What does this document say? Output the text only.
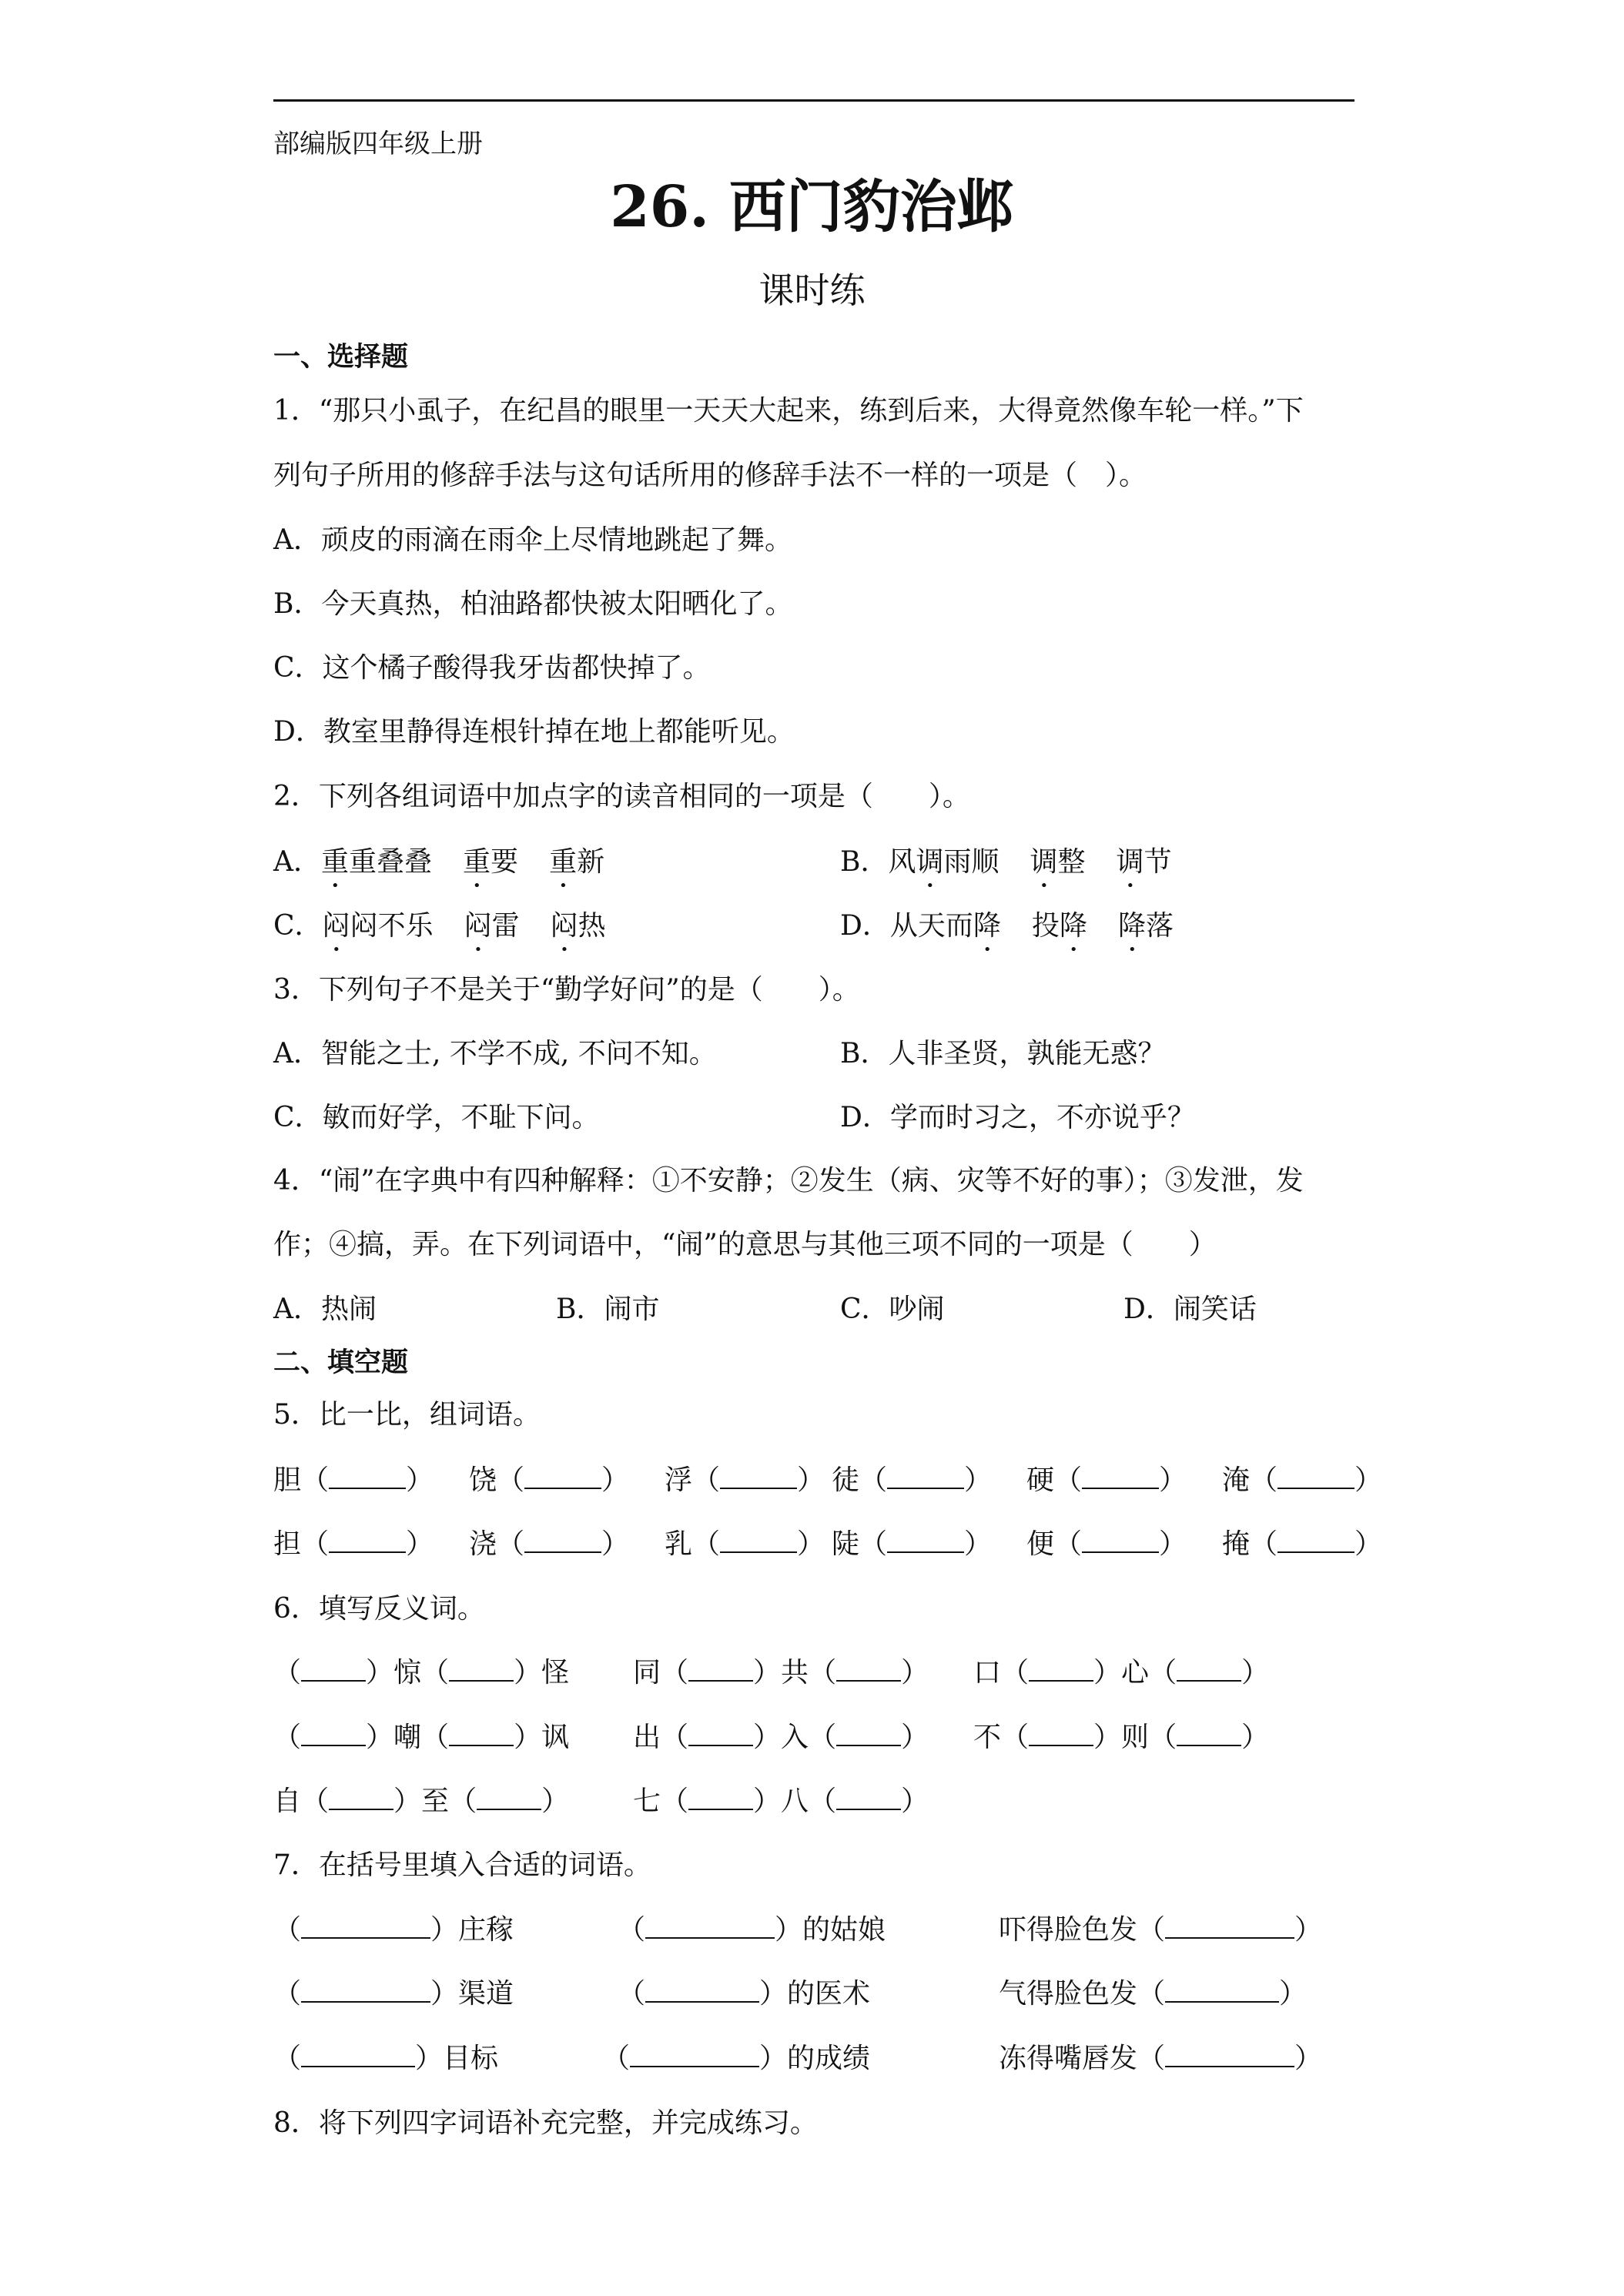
部编版四年级上册
26. 西门豹治邺
课时练
一、选择题
1．“那只小虱子，在纪昌的眼里一天天大起来，练到后来，大得竟然像车轮一样。”下
列句子所用的修辞手法与这句话所用的修辞手法不一样的一项是（　）。
A．顽皮的雨滴在雨伞上尽情地跳起了舞。
B．今天真热，柏油路都快被太阳晒化了。
C．这个橘子酸得我牙齿都快掉了。
D．教室里静得连根针掉在地上都能听见。
2．下列各组词语中加点字的读音相同的一项是（　　）。
A．重重叠叠 重要 重新	B．风调雨顺 调整 调节
C．闷闷不乐 闷雷 闷热	D．从天而降 投降 降落
3．下列句子不是关于“勤学好问”的是（　　）。
A．智能之士, 不学不成, 不问不知。	B．人非圣贤，孰能无惑？
C．敏而好学，不耻下问。	D．学而时习之，不亦说乎？
4．“闹”在字典中有四种解释：①不安静；②发生（病、灾等不好的事）；③发泄，发
作；④搞，弄。在下列词语中，“闹”的意思与其他三项不同的一项是（　　）
A．热闹	B．闹市	C．吵闹	D．闹笑话
二、填空题
5．比一比，组词语。
胆（	） 饶（	） 浮（	） 徒（	） 硬（	） 淹（	）
担（	） 浇（	） 乳（	） 陡（	） 便（	） 掩（	）
6．填写反义词。
（ ）惊（ ）怪 同（ ）共（ ） 口（ ）心（ ）
（ ）嘲（ ）讽 出（ ）入（ ） 不（ ）则（ ）
自（ ）至（ ） 七（ ）八（ ）
7．在括号里填入合适的词语。
（	）庄稼	（	）的姑娘	吓得脸色发（	）
（	）渠道	（	）的医术	气得脸色发（	）
（	）目标	（	）的成绩	冻得嘴唇发（	）
8．将下列四字词语补充完整，并完成练习。
